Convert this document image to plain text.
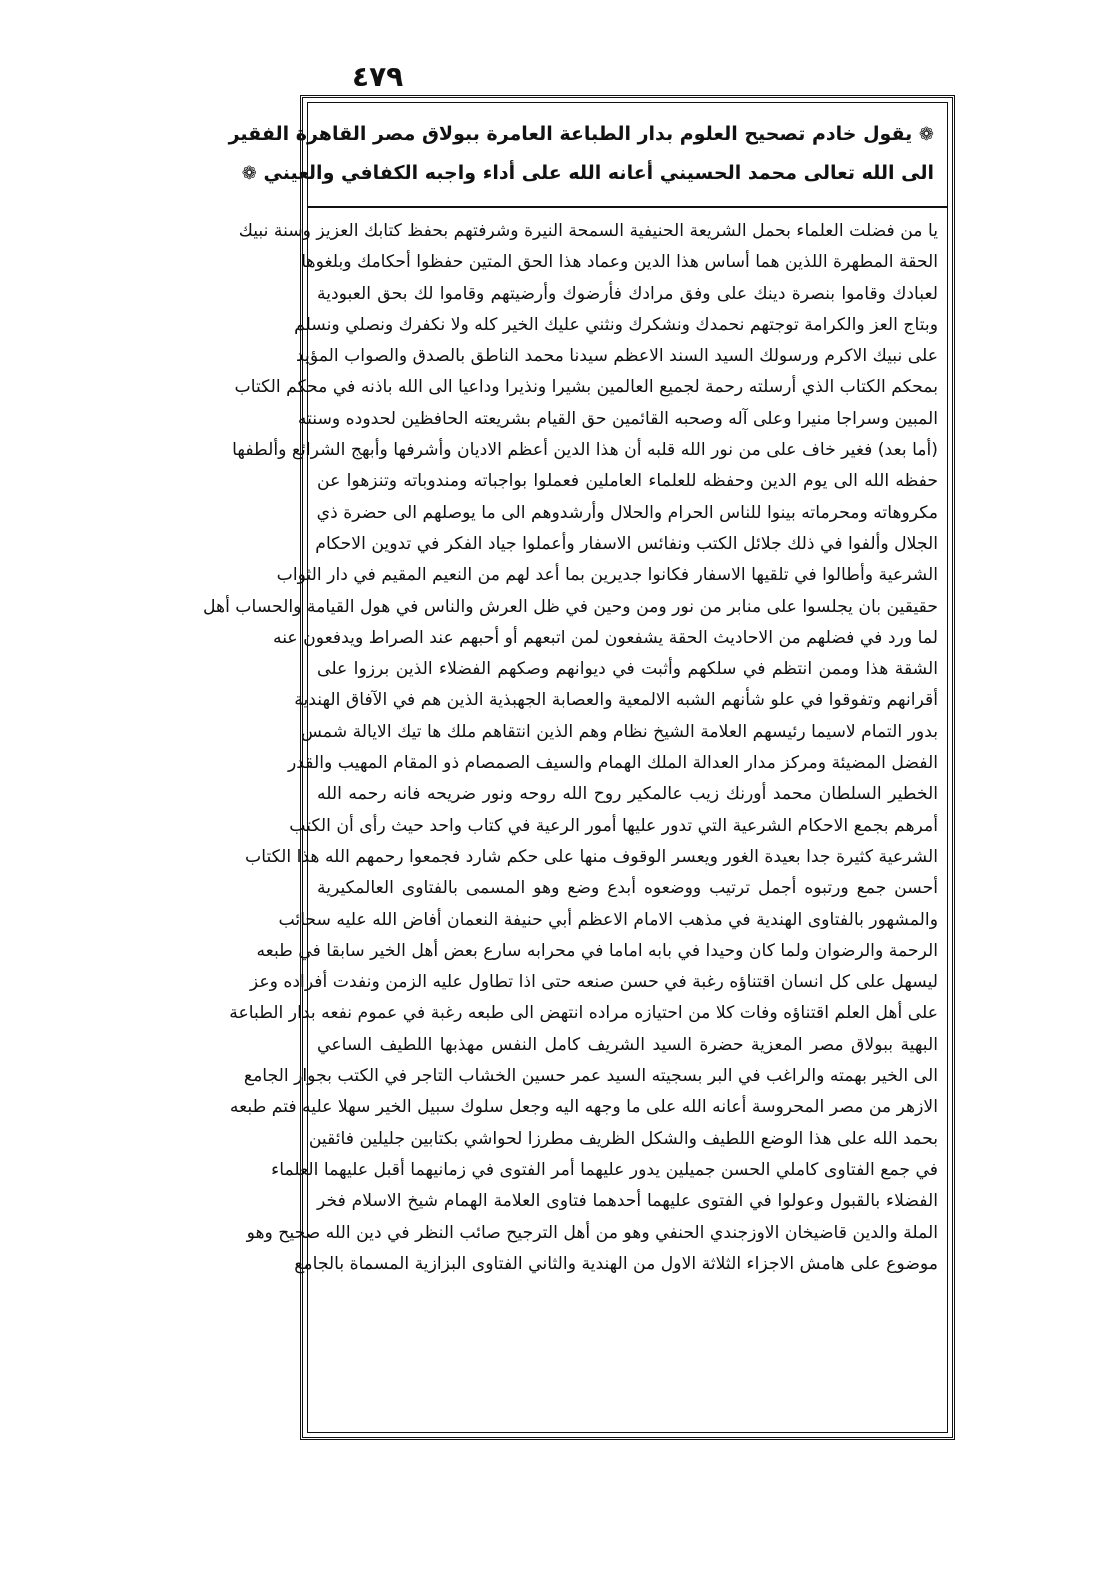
٤٧٩
❁ يقول خادم تصحيح العلوم بدار الطباعة العامرة ببولاق مصر القاهرة الفقير
الى الله تعالى محمد الحسيني أعانه الله على أداء واجبه الكفافي والعيني ❁
يا من فضلت العلماء بحمل الشريعة الحنيفية السمحة النيرة وشرفتهم بحفظ كتابك العزيز وسنة نبيك
الحقة المطهرة اللذين هما أساس هذا الدين وعماد هذا الحق المتين حفظوا أحكامك وبلغوها
لعبادك وقاموا بنصرة دينك على وفق مرادك فأرضوك وأرضيتهم وقاموا لك بحق العبودية
وبتاج العز والكرامة توجتهم نحمدك ونشكرك ونثني عليك الخير كله ولا نكفرك ونصلي ونسلم
على نبيك الاكرم ورسولك السيد السند الاعظم سيدنا محمد الناطق بالصدق والصواب المؤيد
بمحكم الكتاب الذي أرسلته رحمة لجميع العالمين بشيرا ونذيرا وداعيا الى الله باذنه في محكم الكتاب
المبين وسراجا منيرا وعلى آله وصحبه القائمين حق القيام بشريعته الحافظين لحدوده وسنته
(أما بعد) فغير خاف على من نور الله قلبه أن هذا الدين أعظم الاديان وأشرفها وأبهج الشرائع وألطفها
حفظه الله الى يوم الدين وحفظه للعلماء العاملين فعملوا بواجباته ومندوباته وتنزهوا عن
مكروهاته ومحرماته بينوا للناس الحرام والحلال وأرشدوهم الى ما يوصلهم الى حضرة ذي
الجلال وألفوا في ذلك جلائل الكتب ونفائس الاسفار وأعملوا جياد الفكر في تدوين الاحكام
الشرعية وأطالوا في تلقيها الاسفار فكانوا جديرين بما أعد لهم من النعيم المقيم في دار الثواب
حقيقين بان يجلسوا على منابر من نور ومن وحين في ظل العرش والناس في هول القيامة والحساب أهل
لما ورد في فضلهم من الاحاديث الحقة يشفعون لمن اتبعهم أو أحبهم عند الصراط ويدفعون عنه
الشقة هذا وممن انتظم في سلكهم وأثبت في ديوانهم وصكهم الفضلاء الذين برزوا على
أقرانهم وتفوقوا في علو شأنهم الشبه الالمعية والعصابة الجهبذية الذين هم في الآفاق الهندية
بدور التمام لاسيما رئيسهم العلامة الشيخ نظام وهم الذين انتقاهم ملك ها تيك الايالة شمس
الفضل المضيئة ومركز مدار العدالة الملك الهمام والسيف الصمصام ذو المقام المهيب والقدر
الخطير السلطان محمد أورنك زيب عالمكير روح الله روحه ونور ضريحه فانه رحمه الله
أمرهم بجمع الاحكام الشرعية التي تدور عليها أمور الرعية في كتاب واحد حيث رأى أن الكتب
الشرعية كثيرة جدا بعيدة الغور ويعسر الوقوف منها على حكم شارد فجمعوا رحمهم الله هذا الكتاب
أحسن جمع ورتبوه أجمل ترتيب ووضعوه أبدع وضع وهو المسمى بالفتاوى العالمكيرية
والمشهور بالفتاوى الهندية في مذهب الامام الاعظم أبي حنيفة النعمان أفاض الله عليه سحائب
الرحمة والرضوان ولما كان وحيدا في بابه اماما في محرابه سارع بعض أهل الخير سابقا في طبعه
ليسهل على كل انسان اقتناؤه رغبة في حسن صنعه حتى اذا تطاول عليه الزمن ونفدت أفراده وعز
على أهل العلم اقتناؤه وفات كلا من احتيازه مراده انتهض الى طبعه رغبة في عموم نفعه بدار الطباعة
البهية ببولاق مصر المعزية حضرة السيد الشريف كامل النفس مهذبها اللطيف الساعي
الى الخير بهمته والراغب في البر بسجيته السيد عمر حسين الخشاب التاجر في الكتب بجوار الجامع
الازهر من مصر المحروسة أعانه الله على ما وجهه اليه وجعل سلوك سبيل الخير سهلا عليه فتم طبعه
بحمد الله على هذا الوضع اللطيف والشكل الظريف مطرزا لحواشي بكتابين جليلين فائقين
في جمع الفتاوى كاملي الحسن جميلين يدور عليهما أمر الفتوى في زمانيهما أقبل عليهما العلماء
الفضلاء بالقبول وعولوا في الفتوى عليهما أحدهما فتاوى العلامة الهمام شيخ الاسلام فخر
الملة والدين قاضيخان الاوزجندي الحنفي وهو من أهل الترجيح صائب النظر في دين الله صحيح وهو
موضوع على هامش الاجزاء الثلاثة الاول من الهندية والثاني الفتاوى البزازية المسماة بالجامع
